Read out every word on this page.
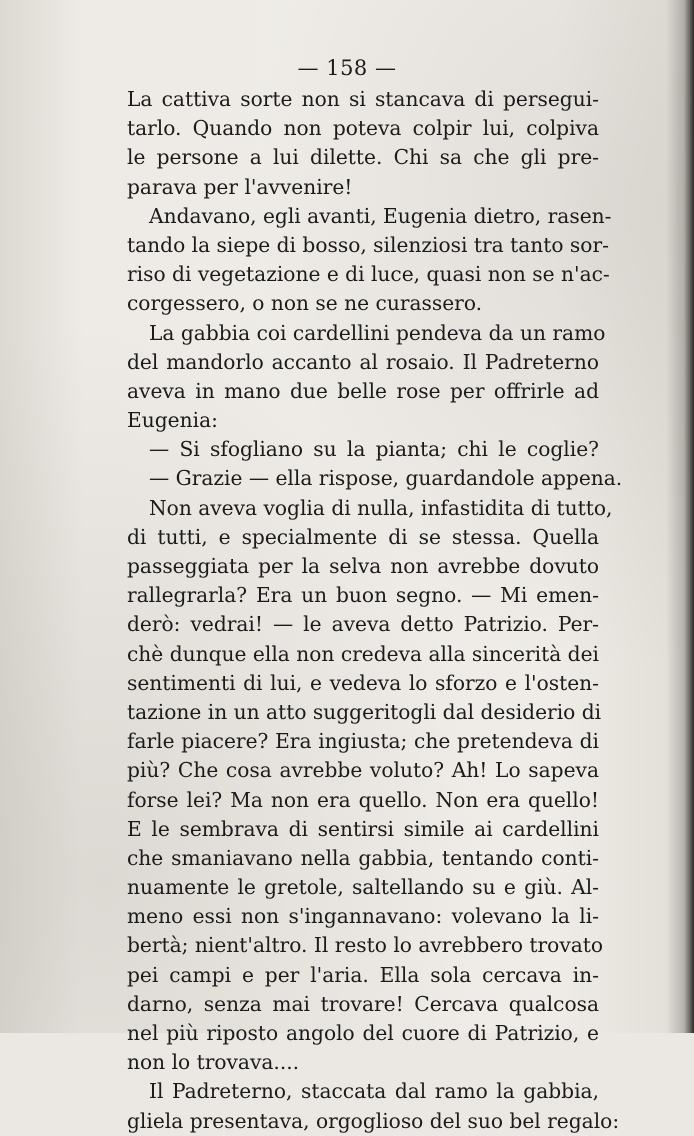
— 158 —
La cattiva sorte non si stancava di persegui-
tarlo. Quando non poteva colpir lui, colpiva
le persone a lui dilette. Chi sa che gli pre-
parava per l'avvenire!
Andavano, egli avanti, Eugenia dietro, rasen-
tando la siepe di bosso, silenziosi tra tanto sor-
riso di vegetazione e di luce, quasi non se n'ac-
corgessero, o non se ne curassero.
La gabbia coi cardellini pendeva da un ramo
del mandorlo accanto al rosaio. Il Padreterno
aveva in mano due belle rose per offrirle ad
Eugenia:
— Si sfogliano su la pianta; chi le coglie?
— Grazie — ella rispose, guardandole appena.
Non aveva voglia di nulla, infastidita di tutto,
di tutti, e specialmente di se stessa. Quella
passeggiata per la selva non avrebbe dovuto
rallegrarla? Era un buon segno. — Mi emen-
derò: vedrai! — le aveva detto Patrizio. Per-
chè dunque ella non credeva alla sincerità dei
sentimenti di lui, e vedeva lo sforzo e l'osten-
tazione in un atto suggeritogli dal desiderio di
farle piacere? Era ingiusta; che pretendeva di
più? Che cosa avrebbe voluto? Ah! Lo sapeva
forse lei? Ma non era quello. Non era quello!
E le sembrava di sentirsi simile ai cardellini
che smaniavano nella gabbia, tentando conti-
nuamente le gretole, saltellando su e giù. Al-
meno essi non s'ingannavano: volevano la li-
bertà; nient'altro. Il resto lo avrebbero trovato
pei campi e per l'aria. Ella sola cercava in-
darno, senza mai trovare! Cercava qualcosa
nel più riposto angolo del cuore di Patrizio, e
non lo trovava....
Il Padreterno, staccata dal ramo la gabbia,
gliela presentava, orgoglioso del suo bel regalo:
